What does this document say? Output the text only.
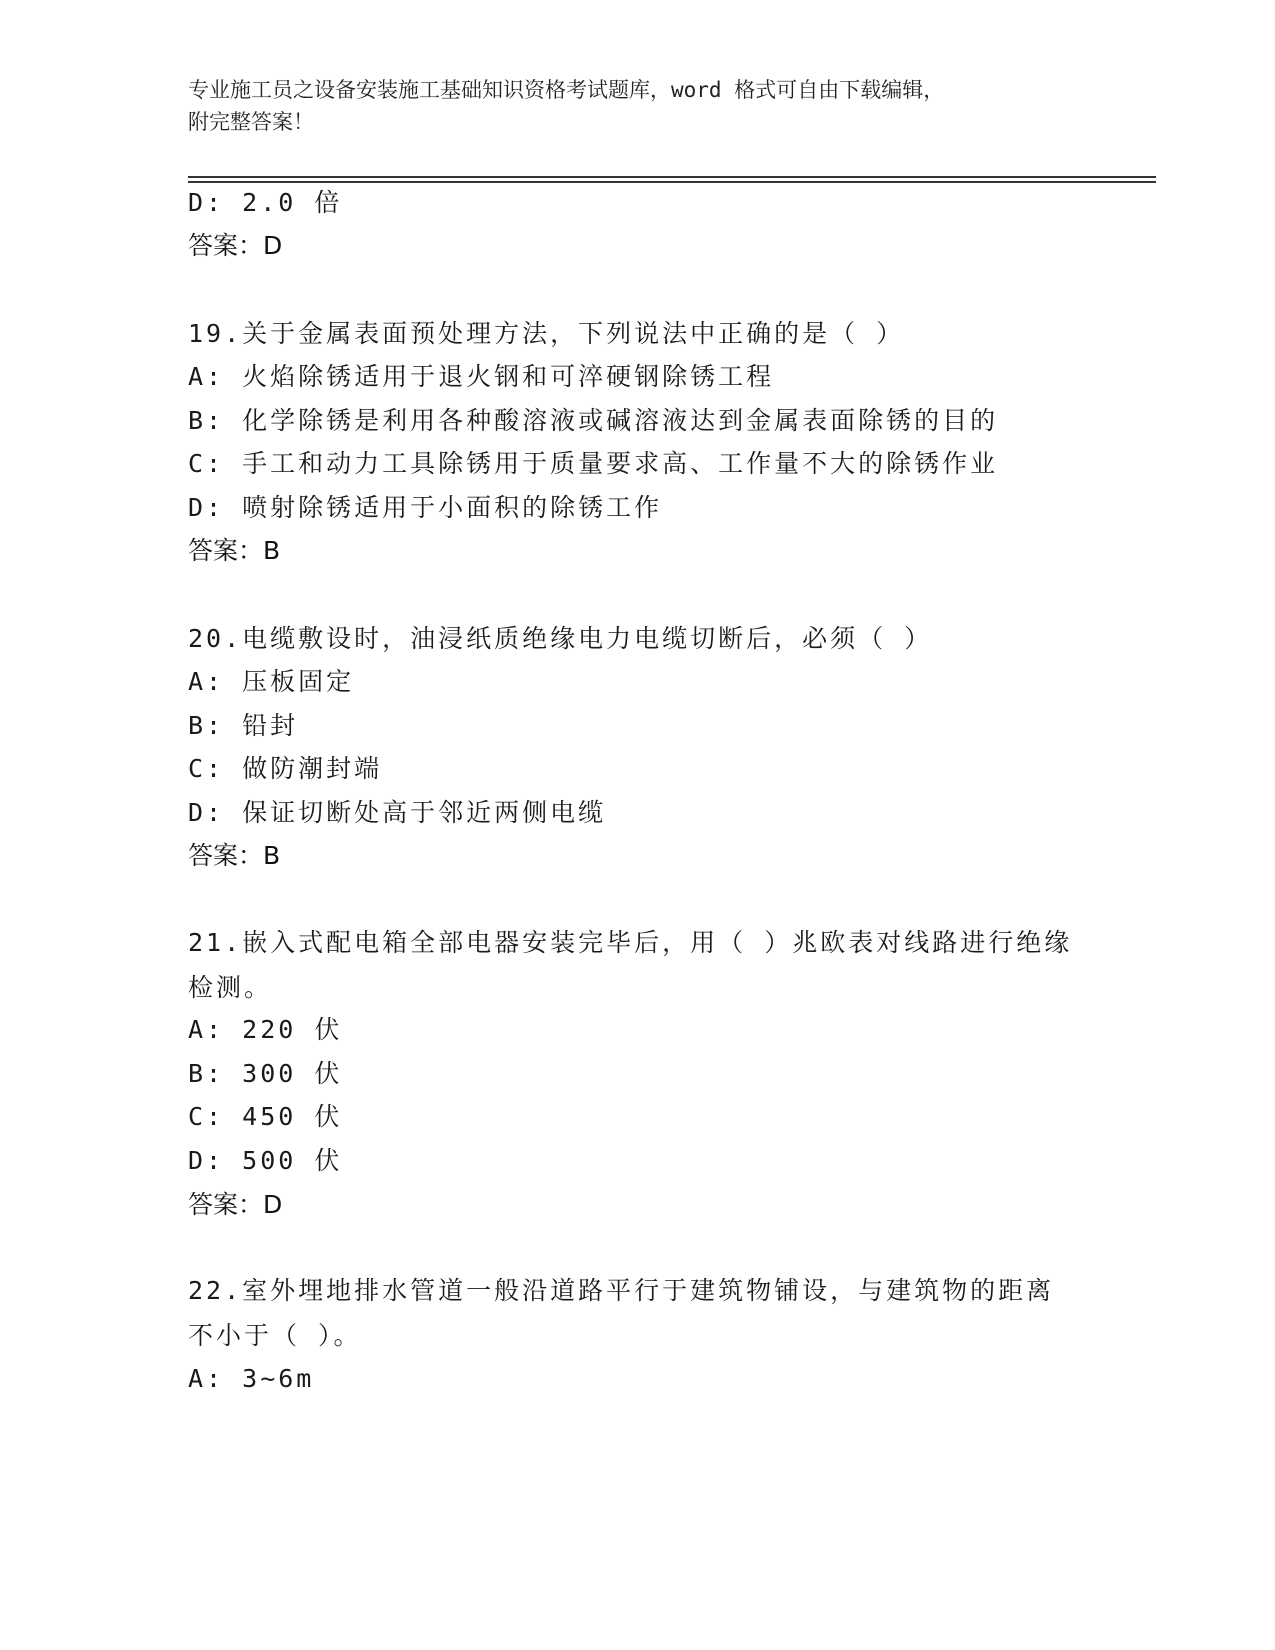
专业施工员之设备安装施工基础知识资格考试题库，word 格式可自由下载编辑，
附完整答案！
D: 2.0 倍
答案：D
19.关于金属表面预处理方法，下列说法中正确的是（ ）
A: 火焰除锈适用于退火钢和可淬硬钢除锈工程
B: 化学除锈是利用各种酸溶液或碱溶液达到金属表面除锈的目的
C: 手工和动力工具除锈用于质量要求高、工作量不大的除锈作业
D: 喷射除锈适用于小面积的除锈工作
答案：B
20.电缆敷设时，油浸纸质绝缘电力电缆切断后，必须（ ）
A: 压板固定
B: 铅封
C: 做防潮封端
D: 保证切断处高于邻近两侧电缆
答案：B
21.嵌入式配电箱全部电器安装完毕后，用（ ）兆欧表对线路进行绝缘检测。
A: 220 伏
B: 300 伏
C: 450 伏
D: 500 伏
答案：D
22.室外埋地排水管道一般沿道路平行于建筑物铺设，与建筑物的距离不小于（ ）。
A: 3~6m
